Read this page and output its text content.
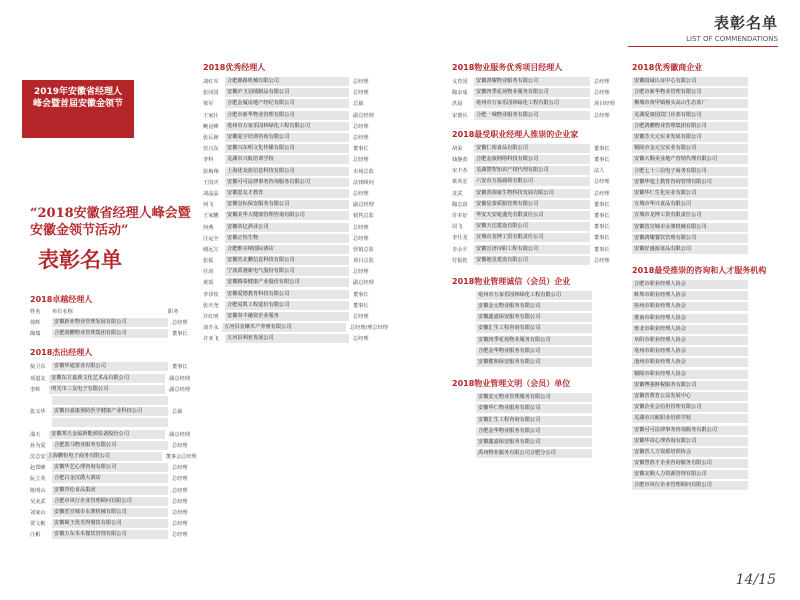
表彰名单
LIST OF COMMENDATIONS
2019年安徽省经理人峰会暨首届安徽金领节
“2018安徽省经理人峰会暨安徽金领节活动”
表彰名单
2018卓越经理人
姓名	单位名称	职务
徐辉	安徽新亚物业管理发展有限公司	总经理
陶瑞	合肥润鹏物业管理集团有限公司	董事长
2018杰出经理人
倪卫东	安徽华通置业有限公司	董事长
项道友	安徽东方嘉典文化艺术品有限公司	副总经理
李辉	明光市三友电子有限公司	副总经理
张义华	安徽百嘉康预防医学健康产业科技公司	总裁
邵天	安徽邦天金属新能源装备股份公司	副总经理
孙为爱	合肥黑马物业服务有限公司	总经理
沈志安 上海鹏恒电子商务有限公司	董事会总经理
赵郑峰	安徽华艺心理咨询有限公司	总经理
阮立英	合肥白金汉爵大酒店	总经理
陈明山	安徽青松食品集团	总经理
吴美武	合肥市风行企业管理顾问有限公司	总经理
刘家山	安徽省宣城市永骏机械有限公司	总经理
贾文彬	安徽蜀王优芙得餐饮有限公司	总经理
汪彬	安徽万东禾禾餐饮管理有限公司	总经理
2018优秀经理人
刘红军	合肥鹿路机械有限公司	总经理
张同国	安徽庐玉羽绒制品有限公司	总经理
梁军	合肥金厦房地产经纪有限公司	总裁
王家壮	合肥市新华物业管理有限公司	副总经理
鲍昆峰	亳州市万家乐园林绿化工程有限公司	总经理
张后洲	安徽夏宇培训咨询有限公司	总经理
管兴东	安徽兴东明文化传媒有限公司	董事长
李科	芜湖市兴航培训学校	总经理
彭梅翔	上海优众蓝信息科技有限公司	市场总监
王国庆	安徽可可法律事务咨询服务有限公司	法律顾问
刘晶晶	安徽恩友才教育	总经理
何飞	安徽皇标保安服务有限公司	副总经理
王家鹏	安徽美华大健康管理咨询有限公司	销售总监
何燕	安徽帝亿酒业公司	总经理
汪运全	安徽正恒生物	总经理
储远宝	合肥维尔纳国际酒店	营销总监
张振	安徽省北鹏信息科技有限公司	项目总监
任涛	宁波禹驰新电气股份有限公司	总经理
黄霞	安徽腾泰健康产业股份有限公司	副总经理
李泽钦	安徽爱德教育科技有限公司	董事长
张庆尧	合肥易凯工程造价有限公司	董事长
许红明	安徽皋丰融资企业服务	总经理
刘升永	五河县金镶木产养殖有限公司	总经理/理总经理
许亚飞	五河县利亚发展公司	总经理
2018物业服务优秀项目经理人
戈育国	安徽鸿耀物业服务有限公司	总经理
陶余成	安徽四季花苑物业服务有限公司	总经理
洪晨	亳州市万家乐园林绿化工程有限公司	项目经理
宋德兵	合肥一城物业服务有限公司	总经理
2018最受职业经理人推崇的企业家
胡荣	安徽仁裕食品有限公司	董事长
钱静劲	合肥金波网络科技有限公司	董事长
宋丰杰	芜湖譬智知识产权代理有限公司	法人
蔡英宏	六安市万福裔简有限公司	总经理
龙武	安徽善源康生物科技发展有限公司	总经理
陶志富	安徽星泰质服管理有限公司	董事长
许本好	华安天安诞盛光有限责任公司	董事长
周飞	安徽天达建设有限公司	董事长
李仕龙	宣城市龙博工贸有限责任公司	董事长
李永平	安徽宣济诗职工程有限公司	董事长
付振乾	安徽地星建设有限公司	总经理
2018物业管理诚信（会员）企业
亳州市万家乐园林绿化工程有限公司
安徽金元物业服务有限公司
安徽鑫嘉保安服务有限公司
安徽汇生工程咨询有限公司
安徽四季花苑物业服务有限公司
合肥金华物业服务有限公司
安徽健和保安服务有限公司
2018物业管理文明（会员）单位
安徽安元物业管理服务有限公司
安徽华仁物业服务有限公司
安徽汇生工程咨询有限公司
合肥金华物业服务有限公司
安徽鑫嘉保安服务有限公司
禹州物业服务有限公司合肥分公司
2018优秀徽商企业
安徽国诚认证中心有限公司
合肥市新华物业管理有限公司
桐城市黄甲镇杨头高山生态茶厂
芜湖爱康国宾门诊部有限公司
合肥鸿鹏物业管理集团有限公司
安徽芳天元实业发展有限公司
铜陵市金元宝实业有限公司
安徽大顺美业地产营销代理有限公司
合肥七十三信电子商务有限公司
安徽华旭上教育咨询管理有限公司
安徽华仁生化实业有限公司
宣城市华兴食品有限公司
宣城市龙博工贸有限责任公司
安徽省宣城市永骏机械有限公司
安徽鸿耀餐饮管理有限公司
安徽好盛源食品有限公司
2018最受推崇的咨询和人才服务机构
合肥市职业经理人协会
蚌埠市职业经理人协会
宿州市职业经理人协会
淮南市职业经理人协会
淮北市职业经理人协会
阜阳市职业经理人协会
亳州市职业经理人协会
池州市职业经理人协会
铜陵市职业经理人协会
安徽博强财税服务有限公司
安徽省教育公益发展中心
安徽企业会信用管理有限公司
芜湖市兴航职业培训学校
安徽可可法律事务咨询服务有限公司
安徽华周心理咨询有限公司
安徽省人力资源培训协会
安徽慧准才企业咨询服务有限公司
安徽友顺人力资源管理有限公司
合肥市风行企业管理顾问有限公司
14/15
